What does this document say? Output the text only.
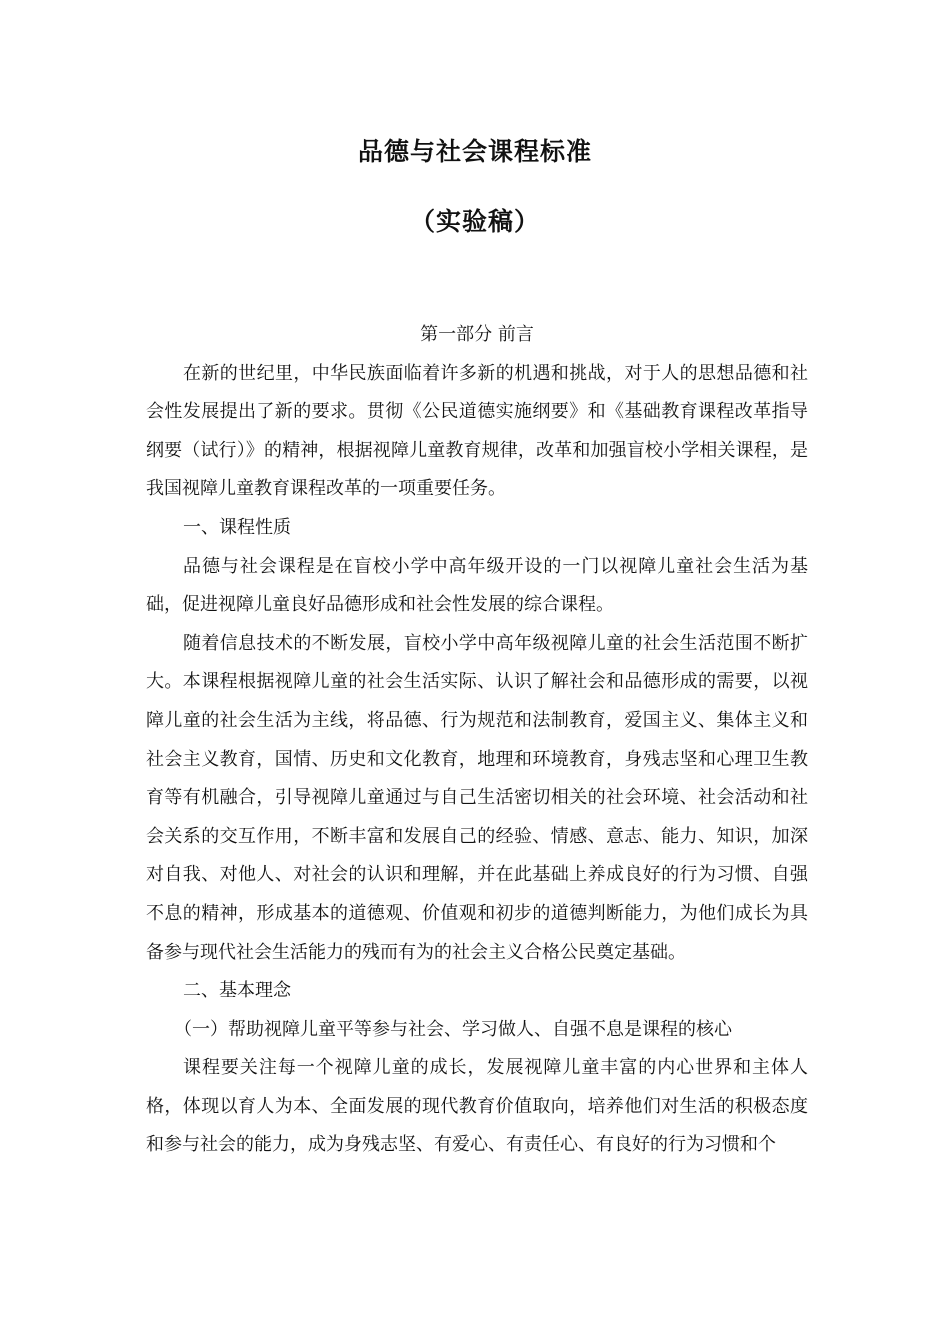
品德与社会课程标准
（实验稿）

第一部分 前言

在新的世纪里，中华民族面临着许多新的机遇和挑战，对于人的思想品德和社会性发展提出了新的要求。贯彻《公民道德实施纲要》和《基础教育课程改革指导纲要（试行）》的精神，根据视障儿童教育规律，改革和加强盲校小学相关课程，是我国视障儿童教育课程改革的一项重要任务。

一、课程性质

品德与社会课程是在盲校小学中高年级开设的一门以视障儿童社会生活为基础，促进视障儿童良好品德形成和社会性发展的综合课程。

随着信息技术的不断发展，盲校小学中高年级视障儿童的社会生活范围不断扩大。本课程根据视障儿童的社会生活实际、认识了解社会和品德形成的需要，以视障儿童的社会生活为主线，将品德、行为规范和法制教育，爱国主义、集体主义和社会主义教育，国情、历史和文化教育，地理和环境教育，身残志坚和心理卫生教育等有机融合，引导视障儿童通过与自己生活密切相关的社会环境、社会活动和社会关系的交互作用，不断丰富和发展自己的经验、情感、意志、能力、知识，加深对自我、对他人、对社会的认识和理解，并在此基础上养成良好的行为习惯、自强不息的精神，形成基本的道德观、价值观和初步的道德判断能力，为他们成长为具备参与现代社会生活能力的残而有为的社会主义合格公民奠定基础。

二、基本理念

（一）帮助视障儿童平等参与社会、学习做人、自强不息是课程的核心

课程要关注每一个视障儿童的成长，发展视障儿童丰富的内心世界和主体人格，体现以育人为本、全面发展的现代教育价值取向，培养他们对生活的积极态度和参与社会的能力，成为身残志坚、有爱心、有责任心、有良好的行为习惯和个
